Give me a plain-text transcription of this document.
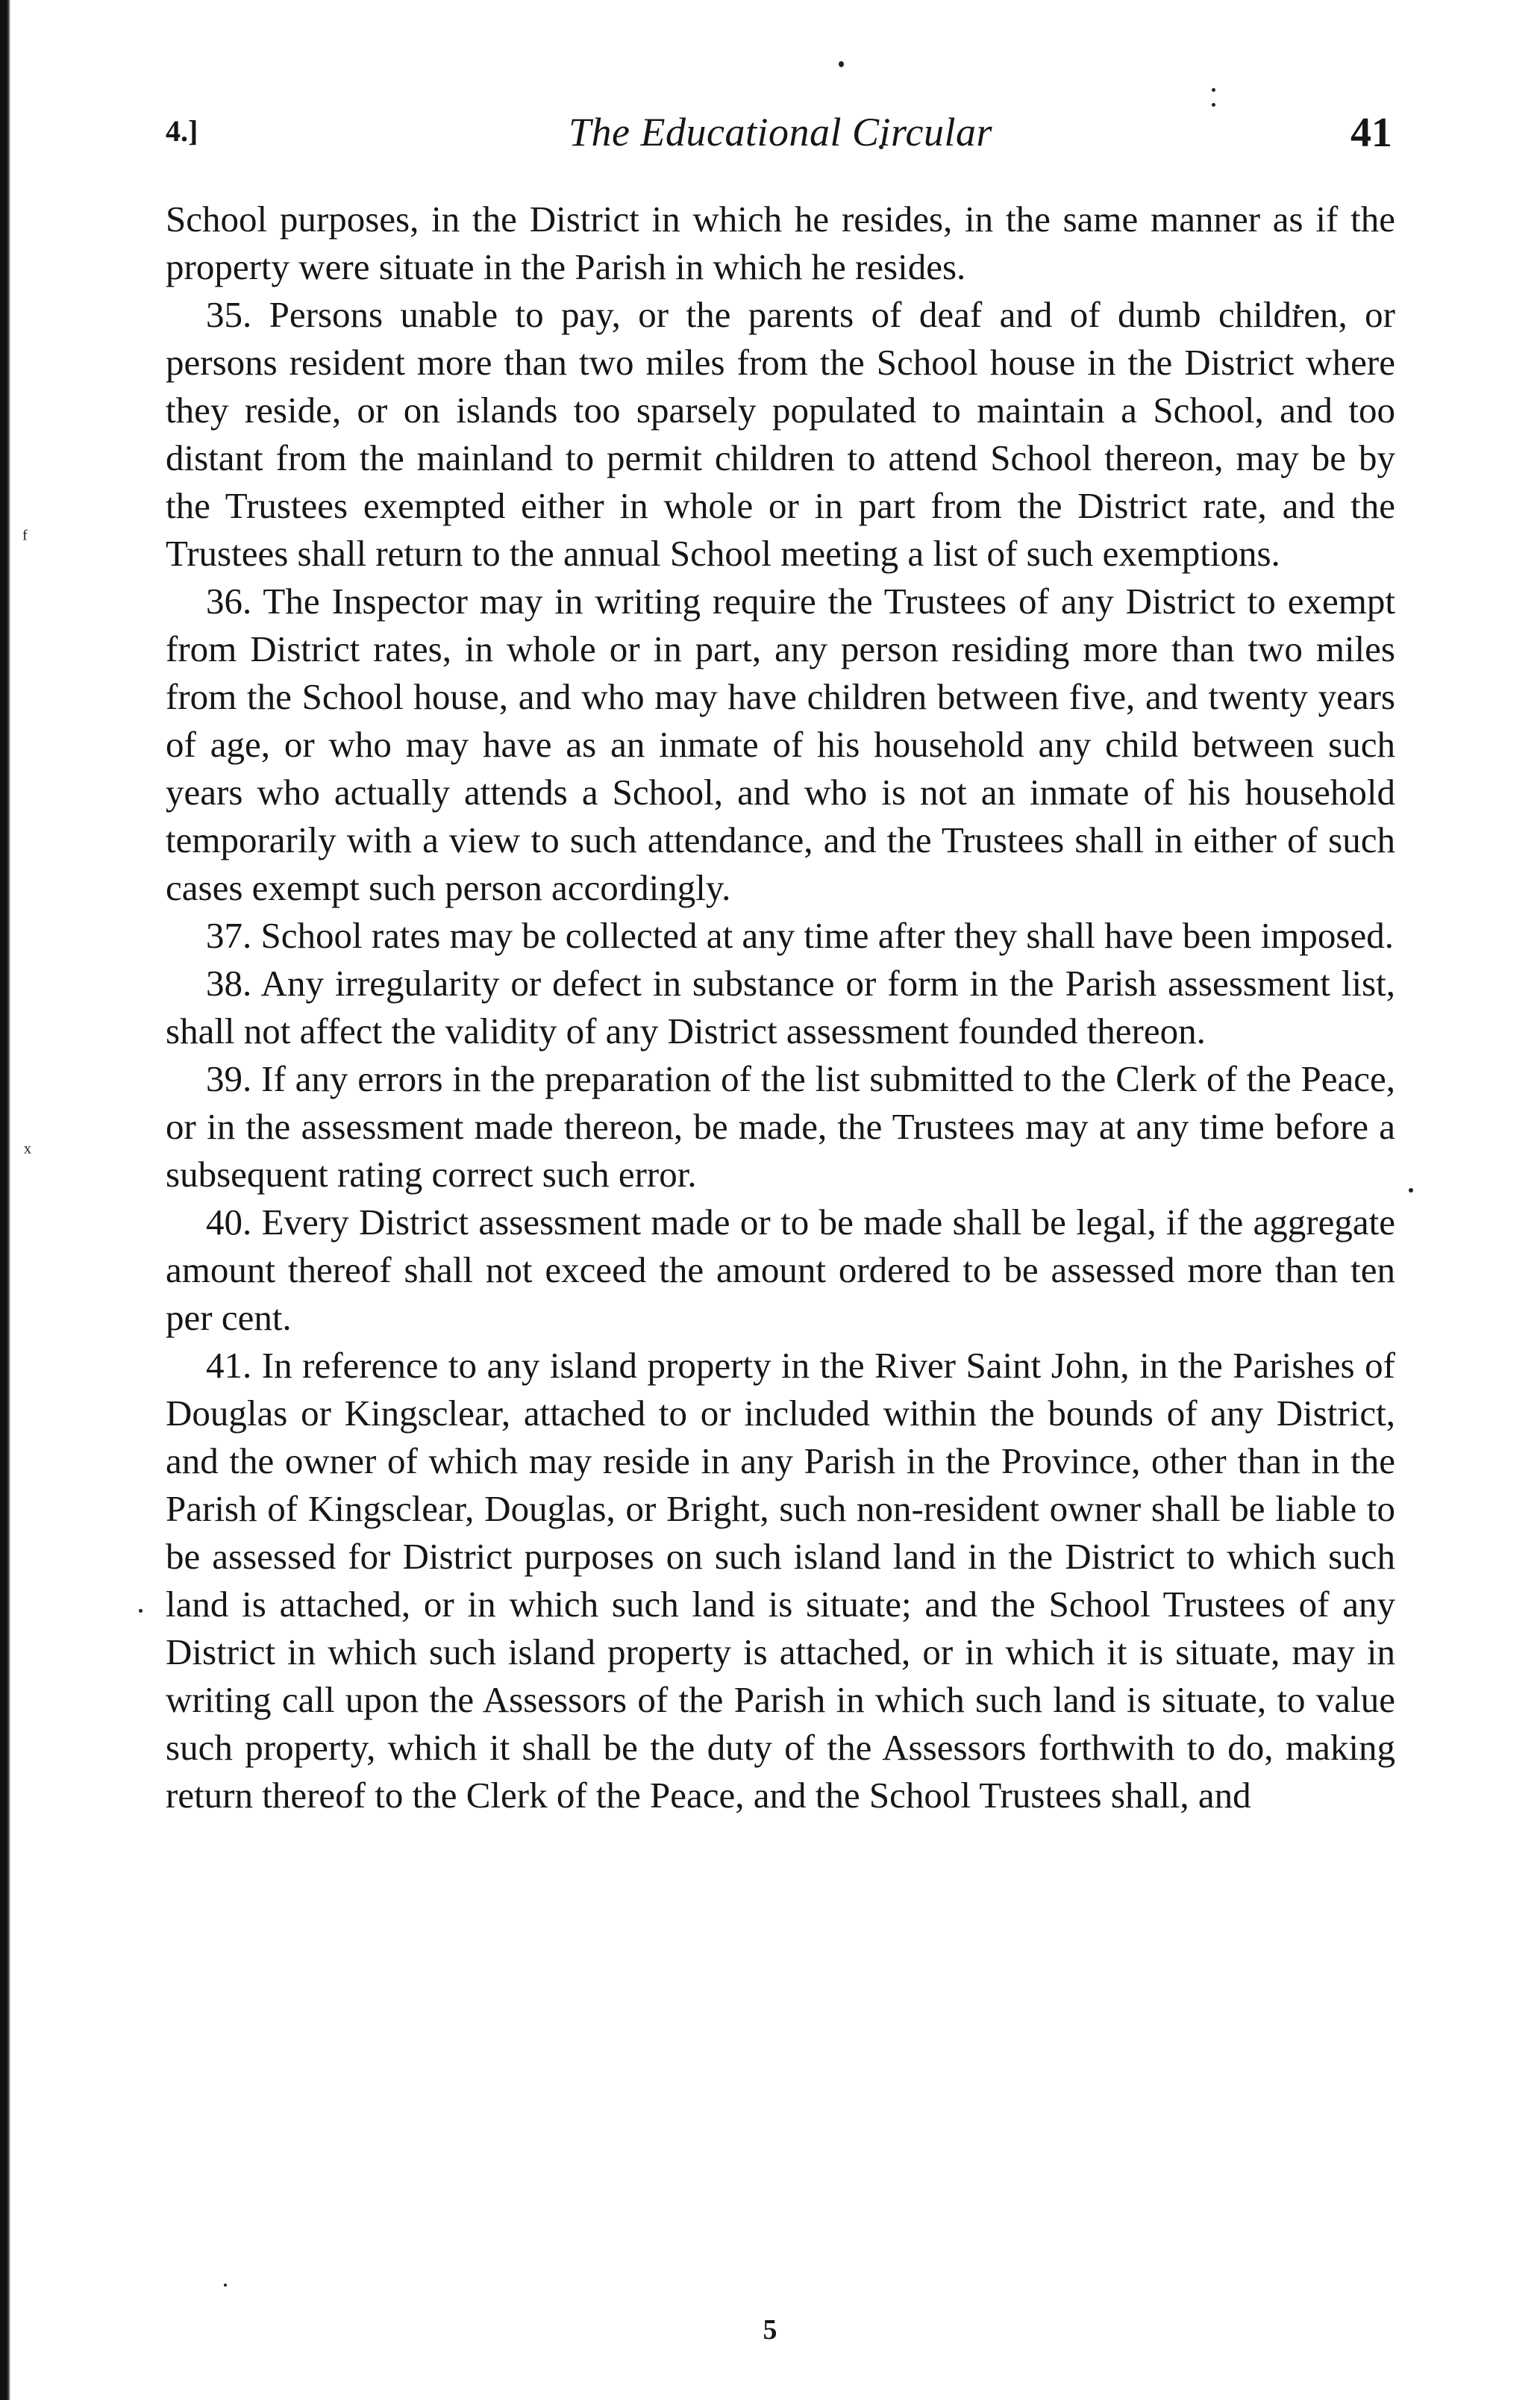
ᶠ
ˣ
4.]	The Educational Circular	41

School purposes, in the District in which he resides, in the same manner as if the property were situate in the Parish in which he resides.

35. Persons unable to pay, or the parents of deaf and of dumb children, or persons resident more than two miles from the School house in the District where they reside, or on islands too sparsely populated to maintain a School, and too distant from the mainland to permit children to attend School thereon, may be by the Trustees exempted either in whole or in part from the District rate, and the Trustees shall return to the annual School meeting a list of such exemptions.

36. The Inspector may in writing require the Trustees of any District to exempt from District rates, in whole or in part, any person residing more than two miles from the School house, and who may have children between five, and twenty years of age, or who may have as an inmate of his household any child between such years who actually attends a School, and who is not an inmate of his household temporarily with a view to such attendance, and the Trustees shall in either of such cases exempt such person accordingly.

37. School rates may be collected at any time after they shall have been imposed.

38. Any irregularity or defect in substance or form in the Parish assessment list, shall not affect the validity of any District assessment founded thereon.

39. If any errors in the preparation of the list submitted to the Clerk of the Peace, or in the assessment made thereon, be made, the Trustees may at any time before a subsequent rating correct such error.

40. Every District assessment made or to be made shall be legal, if the aggregate amount thereof shall not exceed the amount ordered to be assessed more than ten per cent.

41. In reference to any island property in the River Saint John, in the Parishes of Douglas or Kingsclear, attached to or included within the bounds of any District, and the owner of which may reside in any Parish in the Province, other than in the Parish of Kingsclear, Douglas, or Bright, such non-resident owner shall be liable to be assessed for District purposes on such island land in the District to which such land is attached, or in which such land is situate; and the School Trustees of any District in which such island property is attached, or in which it is situate, may in writing call upon the Assessors of the Parish in which such land is situate, to value such property, which it shall be the duty of the Assessors forthwith to do, making return thereof to the Clerk of the Peace, and the School Trustees shall, and

5
